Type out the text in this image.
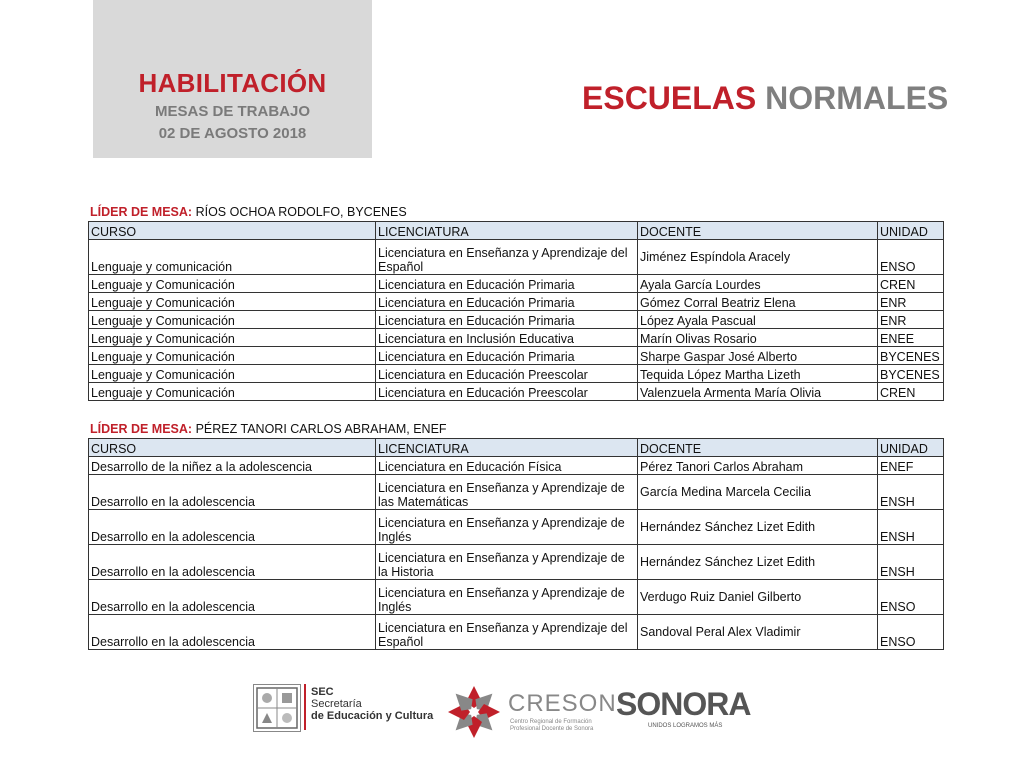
HABILITACIÓN
MESAS DE TRABAJO
02 DE AGOSTO 2018
ESCUELAS NORMALES
LÍDER DE MESA: RÍOS OCHOA RODOLFO, BYCENES
CURSO	LICENCIATURA	DOCENTE	UNIDAD
Lenguaje y comunicación	Licenciatura en Enseñanza y Aprendizaje del Español	Jiménez Espíndola Aracely	ENSO
Lenguaje y Comunicación	Licenciatura en Educación Primaria	Ayala García Lourdes	CREN
Lenguaje y Comunicación	Licenciatura en Educación Primaria	Gómez Corral Beatriz Elena	ENR
Lenguaje y Comunicación	Licenciatura en Educación Primaria	López Ayala Pascual	ENR
Lenguaje y Comunicación	Licenciatura en Inclusión Educativa	Marín Olivas Rosario	ENEE
Lenguaje y Comunicación	Licenciatura en Educación Primaria	Sharpe Gaspar José Alberto	BYCENES
Lenguaje y Comunicación	Licenciatura en Educación Preescolar	Tequida López Martha Lizeth	BYCENES
Lenguaje y Comunicación	Licenciatura en Educación Preescolar	Valenzuela Armenta María Olivia	CREN
LÍDER DE MESA: PÉREZ TANORI CARLOS ABRAHAM, ENEF
CURSO	LICENCIATURA	DOCENTE	UNIDAD
Desarrollo de la niñez a la adolescencia	Licenciatura en Educación Física	Pérez Tanori Carlos Abraham	ENEF
Desarrollo en la adolescencia	Licenciatura en Enseñanza y Aprendizaje de las Matemáticas	García Medina Marcela Cecilia	ENSH
Desarrollo en la adolescencia	Licenciatura en Enseñanza y Aprendizaje de Inglés	Hernández Sánchez Lizet Edith	ENSH
Desarrollo en la adolescencia	Licenciatura en Enseñanza y Aprendizaje de la Historia	Hernández Sánchez Lizet Edith	ENSH
Desarrollo en la adolescencia	Licenciatura en Enseñanza y Aprendizaje de Inglés	Verdugo Ruiz Daniel Gilberto	ENSO
Desarrollo en la adolescencia	Licenciatura en Enseñanza y Aprendizaje del Español	Sandoval Peral Alex Vladimir	ENSO
SEC
Secretaría
de Educación y Cultura	CRESON
Centro Regional de Formación
Profesional Docente de Sonora
SONORA
UNIDOS LOGRAMOS MÁS
